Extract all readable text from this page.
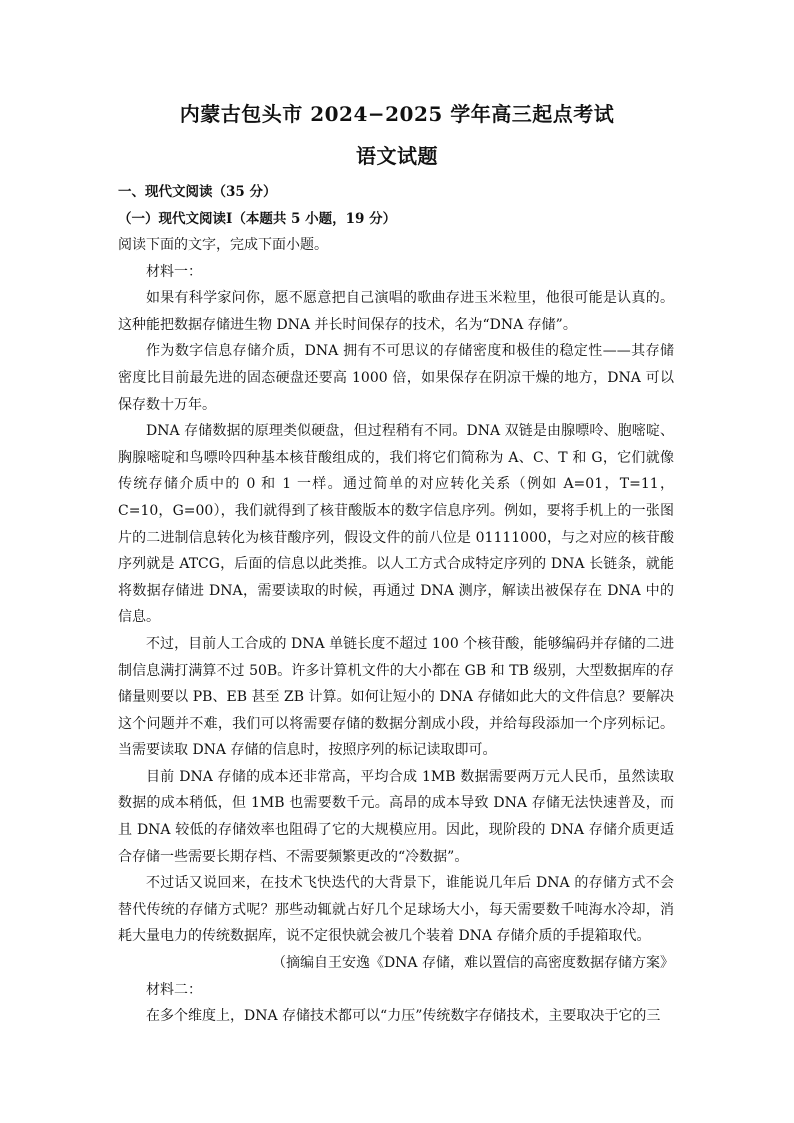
内蒙古包头市 2024−2025 学年高三起点考试
语文试题
一、现代文阅读（35 分）
（一）现代文阅读Ⅰ（本题共 5 小题，19 分）

阅读下面的文字，完成下面小题。

材料一：

如果有科学家问你，愿不愿意把自己演唱的歌曲存进玉米粒里，他很可能是认真的。这种能把数据存储进生物 DNA 并长时间保存的技术，名为“DNA 存储”。

作为数字信息存储介质，DNA 拥有不可思议的存储密度和极佳的稳定性——其存储密度比目前最先进的固态硬盘还要高 1000 倍，如果保存在阴凉干燥的地方，DNA 可以保存数十万年。

DNA 存储数据的原理类似硬盘，但过程稍有不同。DNA 双链是由腺嘌呤、胞嘧啶、胸腺嘧啶和鸟嘌呤四种基本核苷酸组成的，我们将它们简称为 A、C、T 和 G，它们就像传统存储介质中的 0 和 1 一样。通过简单的对应转化关系（例如 A=01，T=11，C=10，G=00），我们就得到了核苷酸版本的数字信息序列。例如，要将手机上的一张图片的二进制信息转化为核苷酸序列，假设文件的前八位是 01111000，与之对应的核苷酸序列就是 ATCG，后面的信息以此类推。以人工方式合成特定序列的 DNA 长链条，就能将数据存储进 DNA，需要读取的时候，再通过 DNA 测序，解读出被保存在 DNA 中的信息。

不过，目前人工合成的 DNA 单链长度不超过 100 个核苷酸，能够编码并存储的二进制信息满打满算不过 50B。许多计算机文件的大小都在 GB 和 TB 级别，大型数据库的存储量则要以 PB、EB 甚至 ZB 计算。如何让短小的 DNA 存储如此大的文件信息？要解决这个问题并不难，我们可以将需要存储的数据分割成小段，并给每段添加一个序列标记。当需要读取 DNA 存储的信息时，按照序列的标记读取即可。

目前 DNA 存储的成本还非常高，平均合成 1MB 数据需要两万元人民币，虽然读取数据的成本稍低，但 1MB 也需要数千元。高昂的成本导致 DNA 存储无法快速普及，而且 DNA 较低的存储效率也阻碍了它的大规模应用。因此，现阶段的 DNA 存储介质更适合存储一些需要长期存档、不需要频繁更改的“冷数据”。

不过话又说回来，在技术飞快迭代的大背景下，谁能说几年后 DNA 的存储方式不会替代传统的存储方式呢？那些动辄就占好几个足球场大小，每天需要数千吨海水冷却，消耗大量电力的传统数据库，说不定很快就会被几个装着 DNA 存储介质的手提箱取代。

（摘编自王安逸《DNA 存储，难以置信的高密度数据存储方案》

材料二：

在多个维度上，DNA 存储技术都可以“力压”传统数字存储技术，主要取决于它的三
